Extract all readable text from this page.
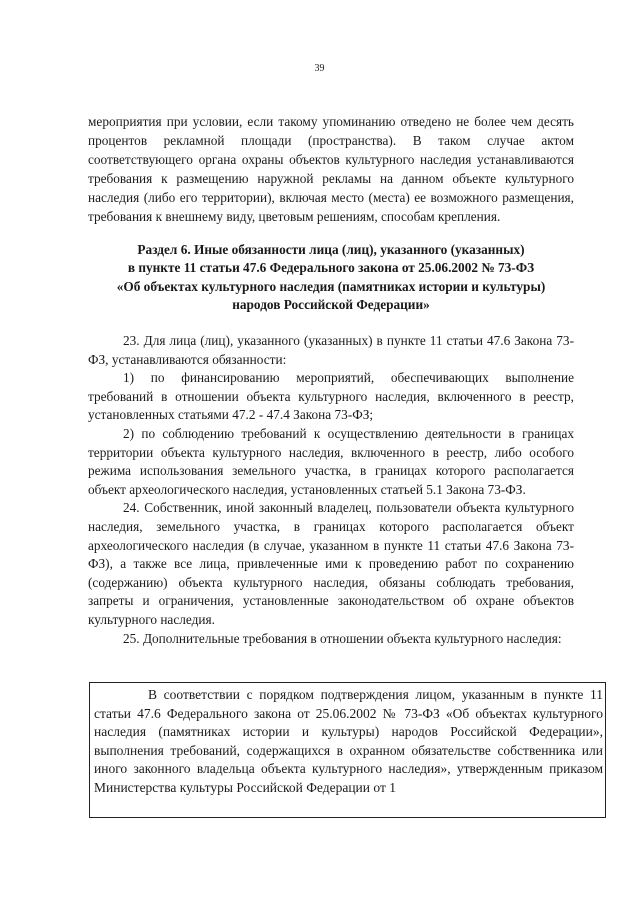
39
мероприятия при условии, если такому упоминанию отведено не более чем десять процентов рекламной площади (пространства). В таком случае актом соответствующего органа охраны объектов культурного наследия устанавливаются требования к размещению наружной рекламы на данном объекте культурного наследия (либо его территории), включая место (места) ее возможного размещения, требования к внешнему виду, цветовым решениям, способам крепления.
Раздел 6. Иные обязанности лица (лиц), указанного (указанных)
в пункте 11 статьи 47.6 Федерального закона от 25.06.2002 № 73-ФЗ
«Об объектах культурного наследия (памятниках истории и культуры)
народов Российской Федерации»

23. Для лица (лиц), указанного (указанных) в пункте 11 статьи 47.6 Закона 73-ФЗ, устанавливаются обязанности:

1) по финансированию мероприятий, обеспечивающих выполнение требований в отношении объекта культурного наследия, включенного в реестр, установленных статьями 47.2 - 47.4 Закона 73-ФЗ;

2) по соблюдению требований к осуществлению деятельности в границах территории объекта культурного наследия, включенного в реестр, либо особого режима использования земельного участка, в границах которого располагается объект археологического наследия, установленных статьей 5.1 Закона 73-ФЗ.

24. Собственник, иной законный владелец, пользователи объекта культурного наследия, земельного участка, в границах которого располагается объект археологического наследия (в случае, указанном в пункте 11 статьи 47.6 Закона 73-ФЗ), а также все лица, привлеченные ими к проведению работ по сохранению (содержанию) объекта культурного наследия, обязаны соблюдать требования, запреты и ограничения, установленные законодательством об охране объектов культурного наследия.

25. Дополнительные требования в отношении объекта культурного наследия:

В соответствии с порядком подтверждения лицом, указанным в пункте 11 статьи 47.6 Федерального закона от 25.06.2002 № 73-ФЗ «Об объектах культурного наследия (памятниках истории и культуры) народов Российской Федерации», выполнения требований, содержащихся в охранном обязательстве собственника или иного законного владельца объекта культурного наследия», утвержденным приказом Министерства культуры Российской Федерации от 1
